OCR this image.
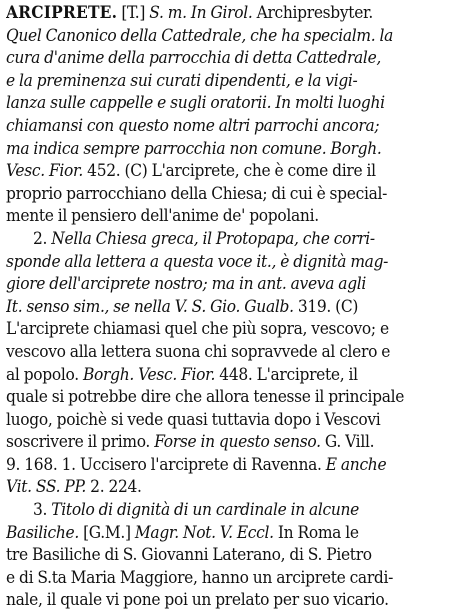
ARCIPRETE. [T.] S. m. In Girol. Archipresbyter.
Quel Canonico della Cattedrale, che ha specialm. la
cura d'anime della parrocchia di detta Cattedrale,
e la preminenza sui curati dipendenti, e la vigi-
lanza sulle cappelle e sugli oratorii. In molti luoghi
chiamansi con questo nome altri parrochi ancora;
ma indica sempre parrocchia non comune. Borgh.
Vesc. Fior. 452. (C) L'arciprete, che è come dire il
proprio parrocchiano della Chiesa; di cui è special-
mente il pensiero dell'anime de' popolani.
2. Nella Chiesa greca, il Protopapa, che corri-
sponde alla lettera a questa voce it., è dignità mag-
giore dell'arciprete nostro; ma in ant. aveva agli
It. senso sim., se nella V. S. Gio. Gualb. 319. (C)
L'arciprete chiamasi quel che più sopra, vescovo; e
vescovo alla lettera suona chi sopravvede al clero e
al popolo. Borgh. Vesc. Fior. 448. L'arciprete, il
quale si potrebbe dire che allora tenesse il principale
luogo, poichè si vede quasi tuttavia dopo i Vescovi
soscrivere il primo. Forse in questo senso. G. Vill.
9. 168. 1. Uccisero l'arciprete di Ravenna. E anche
Vit. SS. PP. 2. 224.
3. Titolo di dignità di un cardinale in alcune
Basiliche. [G.M.] Magr. Not. V. Eccl. In Roma le
tre Basiliche di S. Giovanni Laterano, di S. Pietro
e di S.ta Maria Maggiore, hanno un arciprete cardi-
nale, il quale vi pone poi un prelato per suo vicario.
